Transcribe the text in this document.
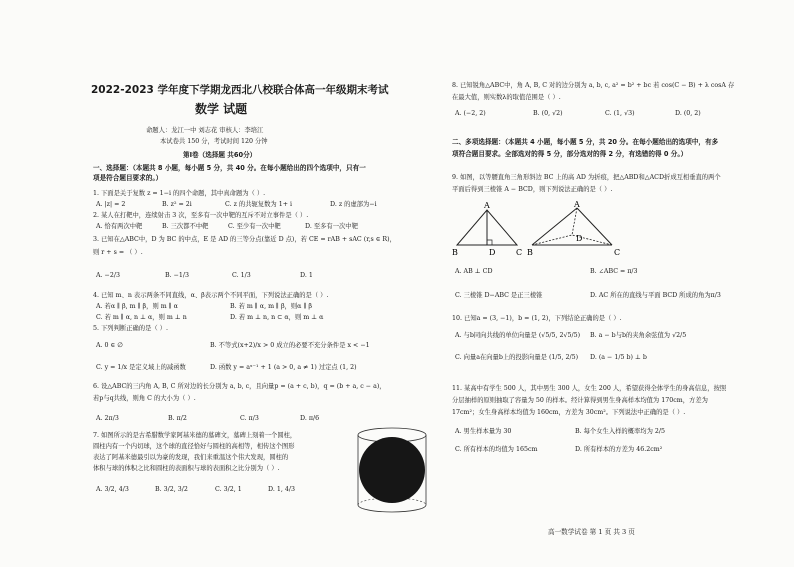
2022-2023 学年度下学期龙西北八校联合体高一年级期末考试
数学 试题
命题人：龙江一中 刘志花 审核人：李培江
本试卷共 150 分，考试时间 120 分钟
第Ⅰ卷（选择题 共60分）
一、选择题：（本题共 8 小题，每小题 5 分，共 40 分。在每小题给出的四个选项中，只有一
项是符合题目要求的。）
1. 下面是关于复数 z = 1−i 的四个命题，其中真命题为（ ）.
A. |z| = 2	B. z² = 2i	C. z 的共轭复数为 1+ i	D. z 的虚部为−i
2. 某人在打靶中，连续射击 3 次，至多有一次中靶的互斥不对立事件是（ ）.
A. 恰有两次中靶	B. 三次都不中靶	C. 至少有一次中靶	D. 至多有一次中靶
3. 已知在△ABC中，D 为 BC 的中点，E 是 AD 的三等分点(靠近 D 点)，若 CE = rAB + sAC (r,s ∈ R)，
则 r + s = （ ）.
A. −2/3	B. −1/3	C. 1/3	D. 1
4. 已知 m、n 表示两条不同直线，α、β表示两个不同平面，下列说法正确的是（ ）.
A. 若α ∥ β, m ∥ β，则 m ∥ α	B. 若 m ∥ α, m ∥ β，则α ∥ β
C. 若 m ∥ α, n ⊥ α，则 m ⊥ n	D. 若 m ⊥ n, n ⊂ α，则 m ⊥ α
5. 下列判断正确的是（ ）.
A. 0 ∈ ∅	B. 不等式(x+2)/x > 0 成立的必要不充分条件是 x < −1
C. y = 1/x 是定义域上的减函数	D. 函数 y = aˣ⁻¹ + 1 (a > 0, a ≠ 1) 过定点 (1, 2)
6. 设△ABC的三内角 A, B, C 所对边的长分别为 a, b, c，且向量p = (a + c, b)，q = (b + a, c − a)，
若p与q共线，则角 C 的大小为（ ）.
A. 2π/3	B. π/2	C. π/3	D. π/6
7. 如图所示的是古希腊数学家阿基米德的墓碑文，墓碑上刻着一个圆柱，
圆柱内有一个内切球，这个球的直径恰好与圆柱的高相等，相传这个图形
表达了阿基米德最引以为豪的发现，我们来重温这个伟大发现，圆柱的
体积与球的体积之比和圆柱的表面积与球的表面积之比分别为（ ）.
A. 3/2, 4/3	B. 3/2, 3/2	C. 3/2, 1	D. 1, 4/3
8. 已知锐角△ABC中，角 A, B, C 对的边分别为 a, b, c, a² = b² + bc 若 cos(C − B) + λ cosA 存
在最大值，则实数λ的取值范围是（ ）.
A. (−2, 2)	B. (0, √2)	C. (1, √3)	D. (0, 2)
二、多项选择题：（本题共 4 小题，每小题 5 分，共 20 分。在每小题给出的选项中，有多
项符合题目要求。全部选对的得 5 分，部分选对的得 2 分，有选错的得 0 分。）
9. 如图，以等腰直角三角形斜边 BC 上的高 AD 为折痕，把△ABD和△ACD折成互相垂直的两个
平面后得到三棱锥 A − BCD，则下列说法正确的是（ ）.
A
B	D	C
A
D
B	C
A. AB ⊥ CD	B. ∠ABC = π/3
C. 三棱锥 D−ABC 是正三棱锥	D. AC 所在的直线与平面 BCD 所成的角为π/3
10. 已知a = (3, −1)，b = (1, 2)，下列结论正确的是（ ）.
A. 与b同向共线的单位向量是 (√5/5, 2√5/5) B. a − b与b的夹角余弦值为 √2/5
C. 向量a在向量b上的投影向量是 (1/5, 2/5) D. (a − 1/5 b) ⊥ b
11. 某高中有学生 500 人，其中男生 300 人，女生 200 人，希望获得全体学生的身高信息，按照
分层抽样的原则抽取了容量为 50 的样本。经计算得到男生身高样本均值为 170cm，方差为
17cm²；女生身高样本均值为 160cm，方差为 30cm²。下列说法中正确的是（ ）.
A. 男生样本量为 30	B. 每个女生入样的概率均为 2/5
C. 所有样本的均值为 165cm	D. 所有样本的方差为 46.2cm²
高一数学试卷 第 1 页 共 3 页
